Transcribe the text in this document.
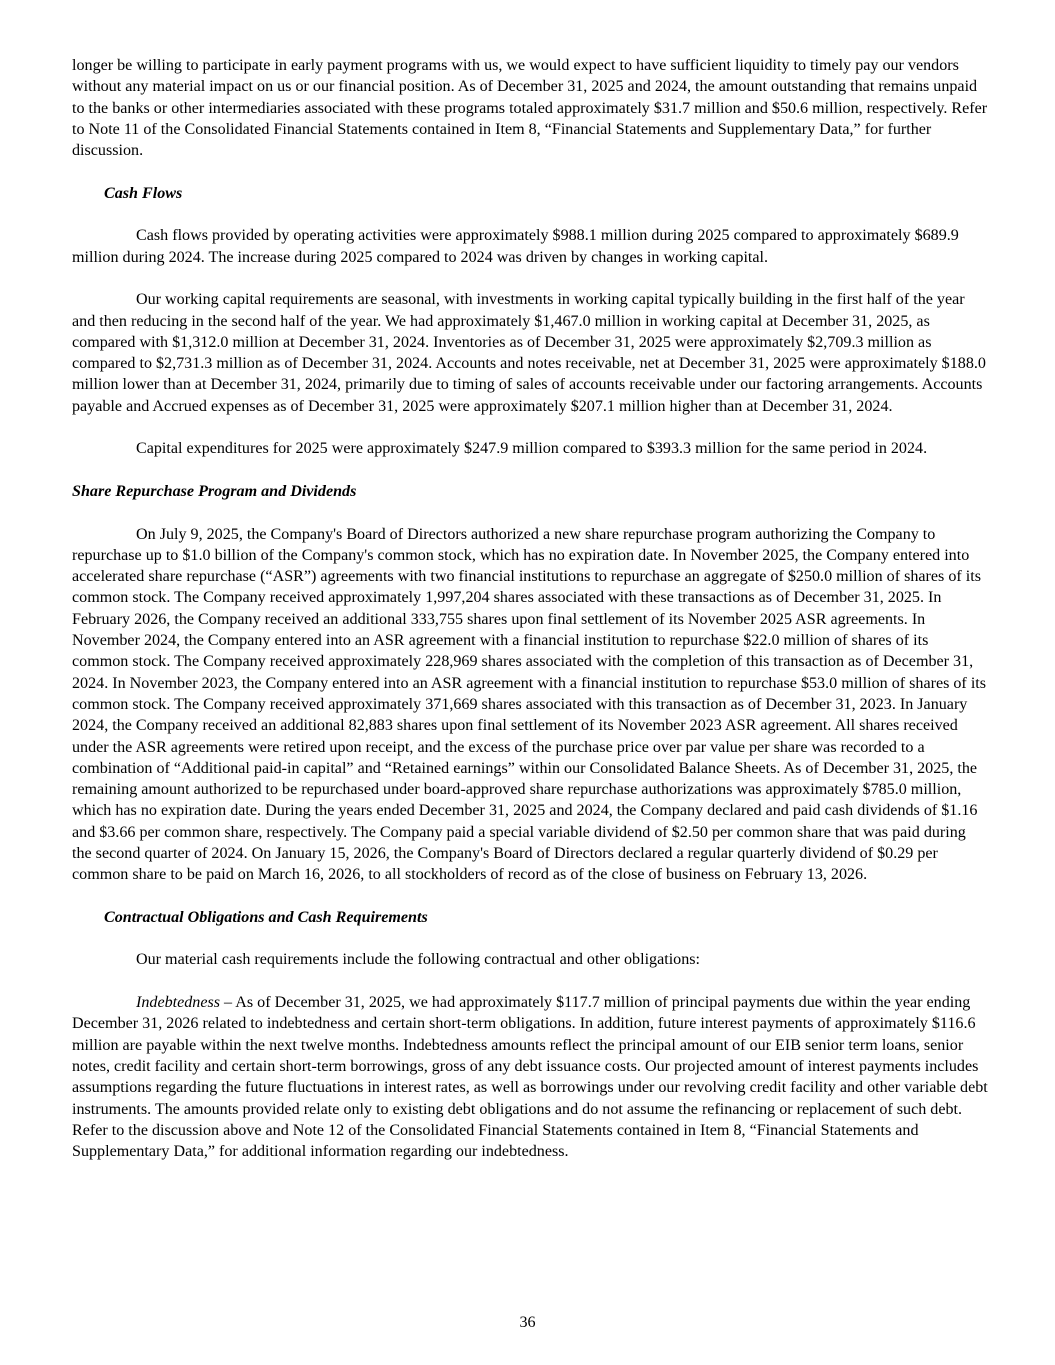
longer be willing to participate in early payment programs with us, we would expect to have sufficient liquidity to timely pay our vendors without any material impact on us or our financial position. As of December 31, 2025 and 2024, the amount outstanding that remains unpaid to the banks or other intermediaries associated with these programs totaled approximately $31.7 million and $50.6 million, respectively. Refer to Note 11 of the Consolidated Financial Statements contained in Item 8, “Financial Statements and Supplementary Data,” for further discussion.

Cash Flows

Cash flows provided by operating activities were approximately $988.1 million during 2025 compared to approximately $689.9 million during 2024. The increase during 2025 compared to 2024 was driven by changes in working capital.

Our working capital requirements are seasonal, with investments in working capital typically building in the first half of the year and then reducing in the second half of the year. We had approximately $1,467.0 million in working capital at December 31, 2025, as compared with $1,312.0 million at December 31, 2024. Inventories as of December 31, 2025 were approximately $2,709.3 million as compared to $2,731.3 million as of December 31, 2024. Accounts and notes receivable, net at December 31, 2025 were approximately $188.0 million lower than at December 31, 2024, primarily due to timing of sales of accounts receivable under our factoring arrangements. Accounts payable and Accrued expenses as of December 31, 2025 were approximately $207.1 million higher than at December 31, 2024.

Capital expenditures for 2025 were approximately $247.9 million compared to $393.3 million for the same period in 2024.

Share Repurchase Program and Dividends

On July 9, 2025, the Company's Board of Directors authorized a new share repurchase program authorizing the Company to repurchase up to $1.0 billion of the Company's common stock, which has no expiration date. In November 2025, the Company entered into accelerated share repurchase (“ASR”) agreements with two financial institutions to repurchase an aggregate of $250.0 million of shares of its common stock. The Company received approximately 1,997,204 shares associated with these transactions as of December 31, 2025. In February 2026, the Company received an additional 333,755 shares upon final settlement of its November 2025 ASR agreements. In November 2024, the Company entered into an ASR agreement with a financial institution to repurchase $22.0 million of shares of its common stock. The Company received approximately 228,969 shares associated with the completion of this transaction as of December 31, 2024. In November 2023, the Company entered into an ASR agreement with a financial institution to repurchase $53.0 million of shares of its common stock. The Company received approximately 371,669 shares associated with this transaction as of December 31, 2023. In January 2024, the Company received an additional 82,883 shares upon final settlement of its November 2023 ASR agreement. All shares received under the ASR agreements were retired upon receipt, and the excess of the purchase price over par value per share was recorded to a combination of “Additional paid-in capital” and “Retained earnings” within our Consolidated Balance Sheets. As of December 31, 2025, the remaining amount authorized to be repurchased under board-approved share repurchase authorizations was approximately $785.0 million, which has no expiration date. During the years ended December 31, 2025 and 2024, the Company declared and paid cash dividends of $1.16 and $3.66 per common share, respectively. The Company paid a special variable dividend of $2.50 per common share that was paid during the second quarter of 2024. On January 15, 2026, the Company's Board of Directors declared a regular quarterly dividend of $0.29 per common share to be paid on March 16, 2026, to all stockholders of record as of the close of business on February 13, 2026.

Contractual Obligations and Cash Requirements

Our material cash requirements include the following contractual and other obligations:

Indebtedness – As of December 31, 2025, we had approximately $117.7 million of principal payments due within the year ending December 31, 2026 related to indebtedness and certain short-term obligations. In addition, future interest payments of approximately $116.6 million are payable within the next twelve months. Indebtedness amounts reflect the principal amount of our EIB senior term loans, senior notes, credit facility and certain short-term borrowings, gross of any debt issuance costs. Our projected amount of interest payments includes assumptions regarding the future fluctuations in interest rates, as well as borrowings under our revolving credit facility and other variable debt instruments. The amounts provided relate only to existing debt obligations and do not assume the refinancing or replacement of such debt. Refer to the discussion above and Note 12 of the Consolidated Financial Statements contained in Item 8, “Financial Statements and Supplementary Data,” for additional information regarding our indebtedness.

36
